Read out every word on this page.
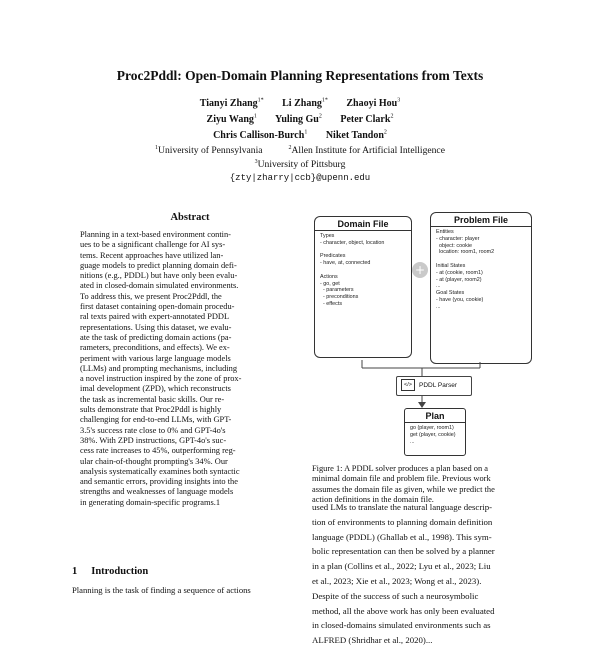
Proc2Pddl: Open-Domain Planning Representations from Texts
Tianyi Zhang$^{1*}$ Li Zhang$^{1*}$ Zhaoyi Hou$^3$
Ziyu Wang$^1$ Yuling Gu$^2$ Peter Clark$^2$
Chris Callison-Burch$^1$ Niket Tandon$^2$
$^1$University of Pennsylvania	$^2$Allen Institute for Artificial Intelligence
$^3$University of Pittsburg
{zty|zharry|ccb}@upenn.edu
Abstract
Planning in a text-based environment contin-
ues to be a significant challenge for AI sys-
tems. Recent approaches have utilized lan-
guage models to predict planning domain defi-
nitions (e.g., PDDL) but have only been evalu-
ated in closed-domain simulated environments.
To address this, we present Proc2Pddl, the
first dataset containing open-domain procedu-
ral texts paired with expert-annotated PDDL
representations. Using this dataset, we evalu-
ate the task of predicting domain actions (pa-
rameters, preconditions, and effects). We ex-
periment with various large language models
(LLMs) and prompting mechanisms, including
a novel instruction inspired by the zone of prox-
imal development (ZPD), which reconstructs
the task as incremental basic skills. Our re-
sults demonstrate that Proc2Pddl is highly
challenging for end-to-end LLMs, with GPT-
3.5's success rate close to 0% and GPT-4o's
38%. With ZPD instructions, GPT-4o's suc-
cess rate increases to 45%, outperforming reg-
ular chain-of-thought prompting's 34%. Our
analysis systematically examines both syntactic
and semantic errors, providing insights into the
strengths and weaknesses of language models
in generating domain-specific programs.1
1 Introduction
Planning is the task of finding a sequence of actions
Domain File
Types
- character, object, location

Predicates
- have, at, connected

Actions
- go, get
- parameters
- preconditions
- effects
+
Problem File
Entities
- character: player
object: cookie
location: room1, room2

Initial States
- at (cookie, room1)
- at (player, room2)
...
Goal States
- have (you, cookie)
...
</> PDDL Parser
Plan
go (player, room1)
get (player, cookie)
...
Figure 1: A PDDL solver produces a plan based on a
minimal domain file and problem file. Previous work
assumes the domain file as given, while we predict the
action definitions in the domain file.
used LMs to translate the natural language descrip-
tion of environments to planning domain definition
language (PDDL) (Ghallab et al., 1998). This sym-
bolic representation can then be solved by a planner
in a plan (Collins et al., 2022; Lyu et al., 2023; Liu
et al., 2023; Xie et al., 2023; Wong et al., 2023).
Despite of the success of such a neurosymbolic
method, all the above work has only been evaluated
in closed-domains simulated environments such as
ALFRED (Shridhar et al., 2020)...
